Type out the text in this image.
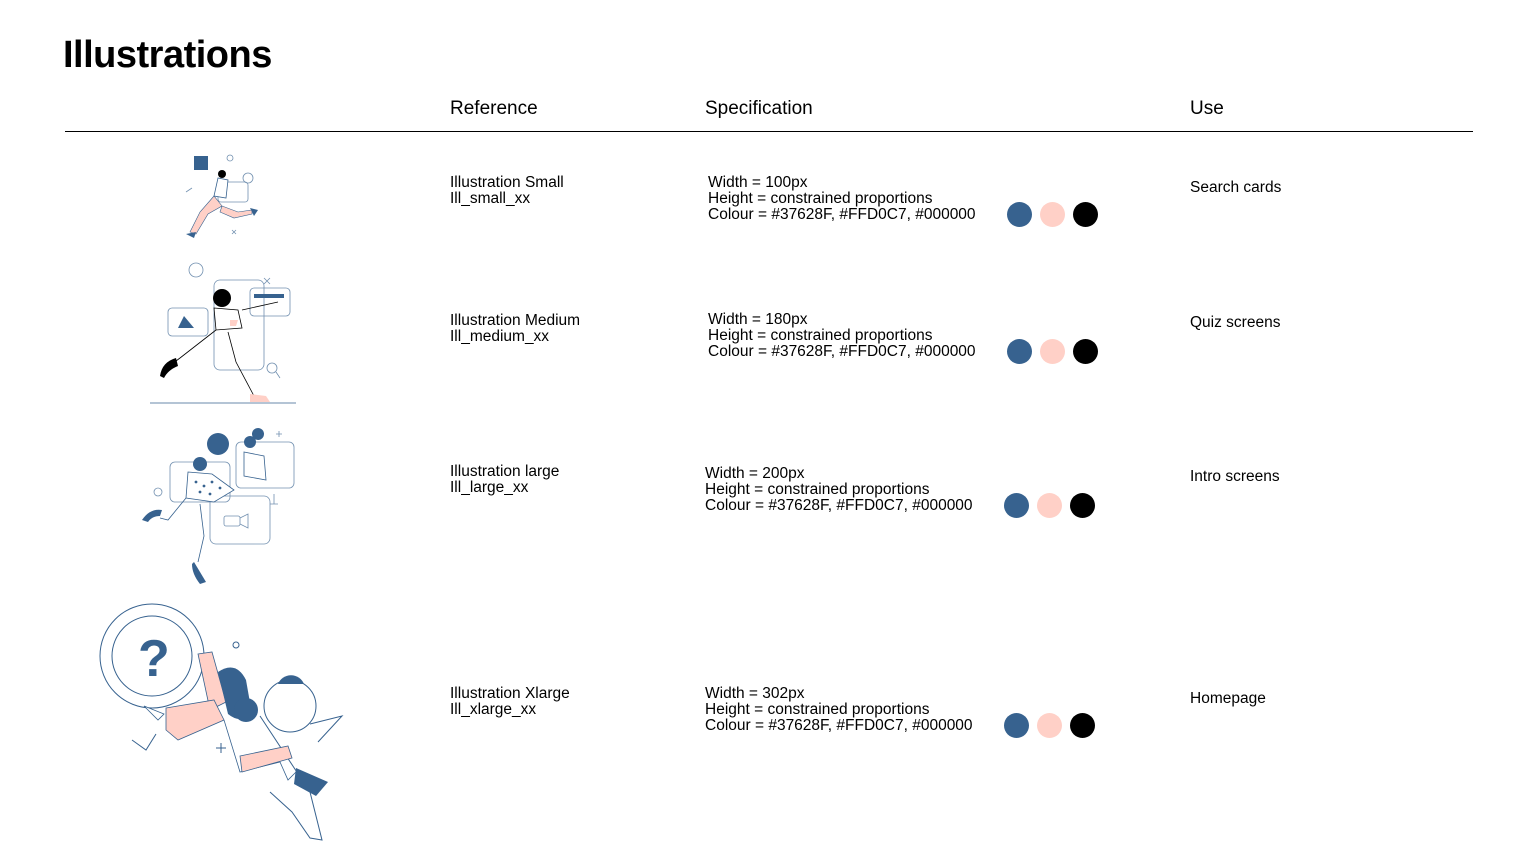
Illustrations
Reference	Specification	Use
Illustration Small
Ill_small_xx
Width = 100px
Height = constrained proportions
Colour = #37628F, #FFD0C7, #000000
Search cards
Illustration Medium
Ill_medium_xx
Width = 180px
Height = constrained proportions
Colour = #37628F, #FFD0C7, #000000
Quiz screens
Illustration large
Ill_large_xx
Width = 200px
Height = constrained proportions
Colour = #37628F, #FFD0C7, #000000
Intro screens
?
Illustration Xlarge
Ill_xlarge_xx
Width = 302px
Height = constrained proportions
Colour = #37628F, #FFD0C7, #000000
Homepage
